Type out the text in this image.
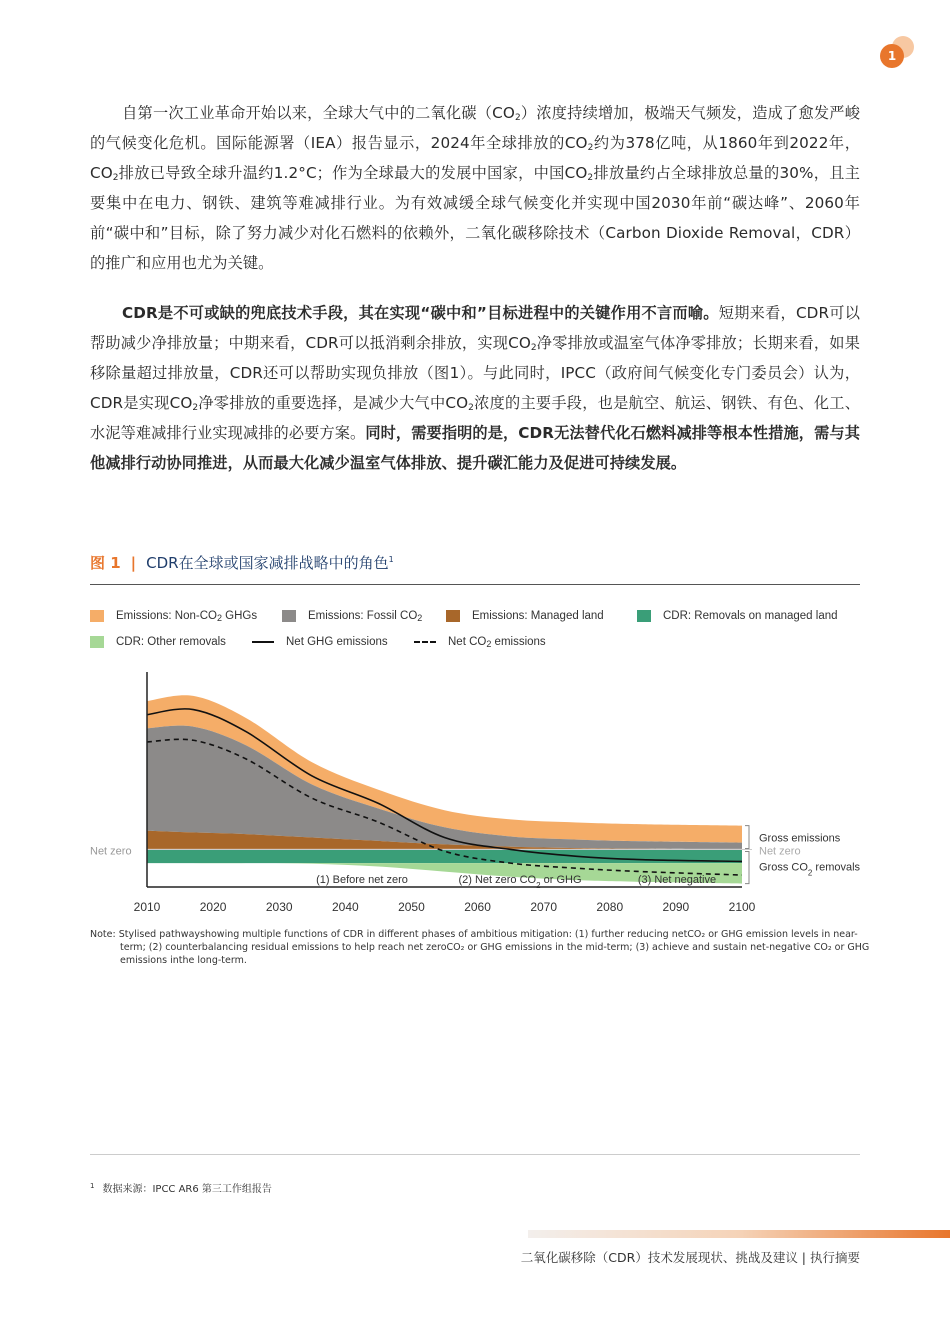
1

自第一次工业革命开始以来，全球大气中的二氧化碳$(CO_2)$浓度持续增加，极端天气频发，造成了愈发严峻的气候变化危机。国际能源署（IEA）报告显示，2024年全球排放的$CO_2$约为378亿吨，从1860年到2022年，$CO_2$排放已导致全球升温约1.2°C；作为全球最大的发展中国家，中国$CO_2$排放量约占全球排放总量的30%，且主要集中在电力、钢铁、建筑等难减排行业。为有效减缓全球气候变化并实现中国2030年前“碳达峰”、2060年前“碳中和”目标，除了努力减少对化石燃料的依赖外，二氧化碳移除技术（Carbon Dioxide Removal，CDR）的推广和应用也尤为关键。

CDR是不可或缺的兜底技术手段，其在实现“碳中和”目标进程中的关键作用不言而喻。短期来看，CDR可以帮助减少净排放量；中期来看，CDR可以抵消剩余排放，实现$CO_2$净零排放或温室气体净零排放；长期来看，如果移除量超过排放量，CDR还可以帮助实现负排放（图1）。与此同时，IPCC（政府间气候变化专门委员会）认为，CDR是实现$CO_2$净零排放的重要选择，是减少大气中$CO_2$浓度的主要手段，也是航空、航运、钢铁、有色、化工、水泥等难减排行业实现减排的必要方案。同时，需要指明的是，CDR无法替代化石燃料减排等根本性措施，需与其他减排行动协同推进，从而最大化减少温室气体排放、提升碳汇能力及促进可持续发展。

图 1 | CDR在全球或国家减排战略中的角色$^1$

Emissions: Non-$CO_2$ GHGs	Emissions: Fossil $CO_2$	Emissions: Managed land	CDR: Removals on managed land
CDR: Other removals	Net GHG emissions	Net $CO_2$ emissions
2010	2020	2030	2040	2050	2060	2070	2080	2090	2100
Net zero
(1) Before net zero	(2) Net zero $CO_2$ or GHG	(3) Net negative
Gross emissions
Net zero
Gross $CO_2$ removals

Note: Stylised pathwayshowing multiple functions of CDR in different phases of ambitious mitigation: (1) further reducing netCO₂ or GHG emission levels in near-term; (2) counterbalancing residual emissions to help reach net zeroCO₂ or GHG emissions in the mid-term; (3) achieve and sustain net-negative CO₂ or GHG emissions inthe long-term.

$^1$ 数据来源：IPCC AR6 第三工作组报告
二氧化碳移除（CDR）技术发展现状、挑战及建议 | 执行摘要
